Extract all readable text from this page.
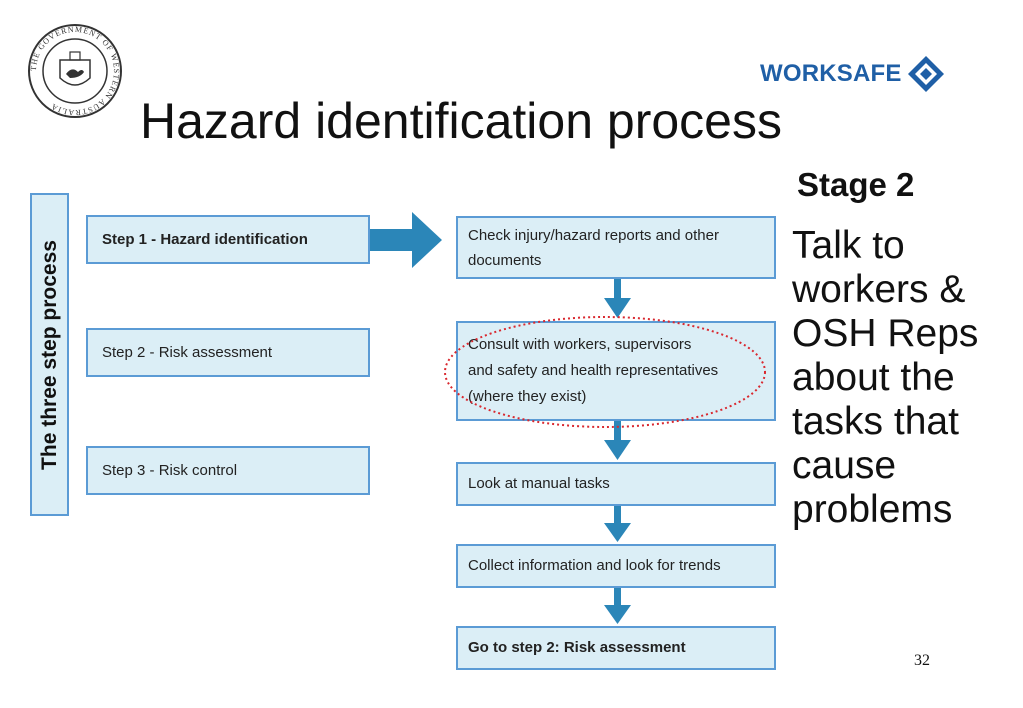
THE GOVERNMENT OF WESTERN AUSTRALIA
WORK SAFE
Hazard identification process
The three step process
Step 1 - Hazard identification
Step 2 - Risk assessment
Step 3 - Risk control
Check injury/hazard reports and other
documents
Consult with workers, supervisors
and safety and health representatives
(where they exist)
Look at manual tasks
Collect information and look for trends
Go to step 2: Risk assessment
Stage 2
Talk to
workers &
OSH Reps
about the
tasks that
cause
problems
32
